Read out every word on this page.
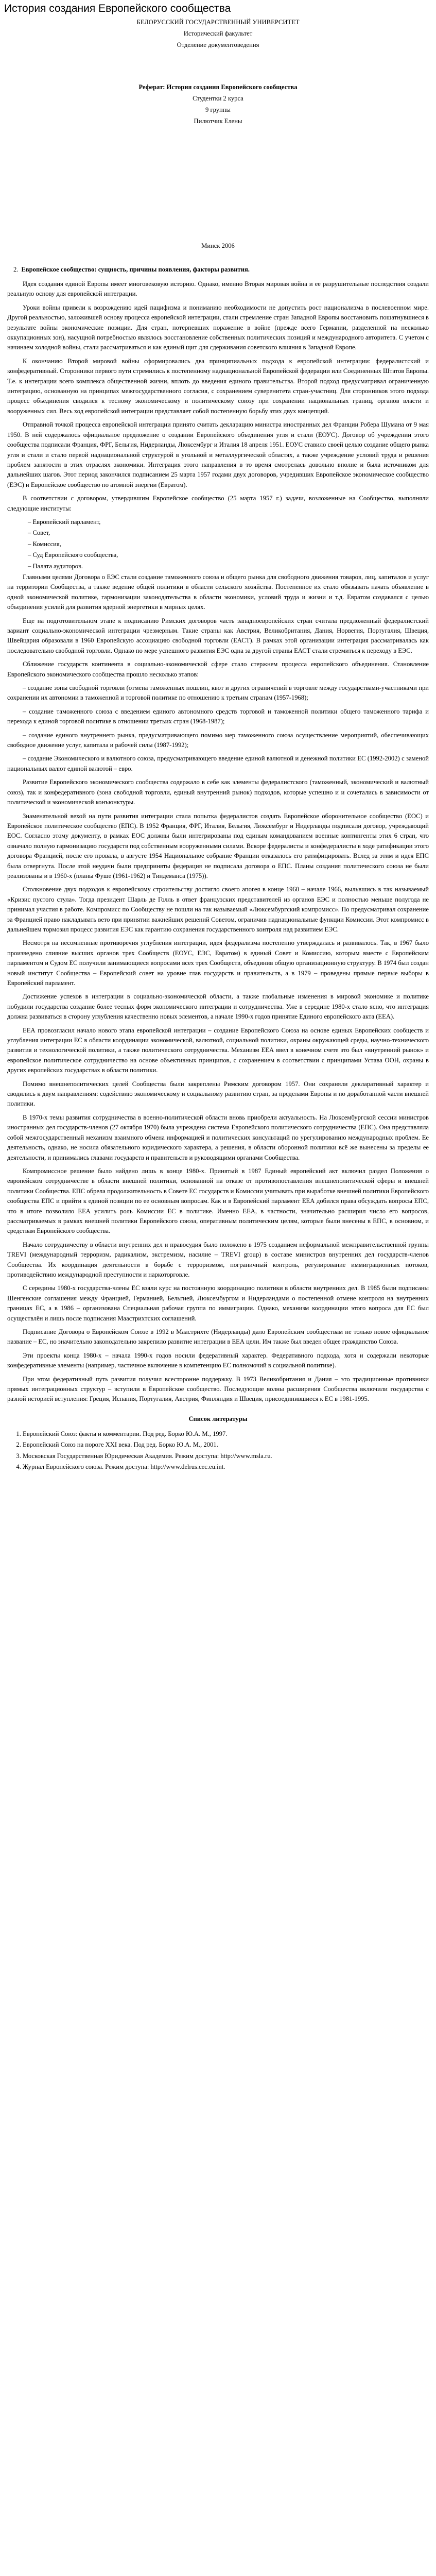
История создания Европейского сообщества

БЕЛОРУССКИЙ ГОСУДАРСТВЕННЫЙ УНИВЕРСИТЕТ

Исторический факультет

Отделение документоведения

Реферат: История создания Европейского сообщества

Студентки 2 курса

9 группы

Пилютчик Елены

Минск 2006

2. Европейское сообщество: сущность, причины появления, факторы развития.

Идея создания единой Европы имеет многовековую историю. Однако, именно Вторая мировая война и ее разрушительные последствия создали реальную основу для европейской интеграции.

Уроки войны привели к возрождению идей пацифизма и пониманию необходимости не допустить рост национализма в послевоенном мире. Другой реальностью, заложившей основу процесса европейской интеграции, стали стремление стран Западной Европы восстановить пошатнувшиеся в результате войны экономические позиции. Для стран, потерпевших поражение в войне (прежде всего Германии, разделенной на несколько оккупационных зон), насущной потребностью являлось восстановление собственных политических позиций и международного авторитета. С учетом с начинаем холодной войны, стали рассматриваться и как единый щит для сдерживания советского влияния в Западной Европе.

К окончанию Второй мировой войны сформировались два принципиальных подхода к европейской интеграции: федералистский и конфедеративный. Сторонники первого пути стремились к постепенному наднациональной Европейской федерации или Соединенных Штатов Европы. Т.е. к интеграции всего комплекса общественной жизни, вплоть до введения единого правительства. Второй подход предусматривал ограниченную интеграцию, основанную на принципах межгосударственного согласия, с сохранением суверенитета стран-участниц. Для сторонников этого подхода процесс объединения сводился к тесному экономическому и политическому союзу при сохранении национальных границ, органов власти и вооруженных сил. Весь ход европейской интеграции представляет собой постепенную борьбу этих двух концепций.

Отправной точкой процесса европейской интеграции принято считать декларацию министра иностранных дел Франции Робера Шумана от 9 мая 1950. В ней содержалось официальное предложение о создании Европейского объединения угля и стали (ЕОУС). Договор об учреждении этого сообщества подписали Франция, ФРГ, Бельгия, Нидерланды, Люксембург и Италия 18 апреля 1951. ЕОУС ставило своей целью создание общего рынка угля и стали и стало первой наднациональной структурой в угольной и металлургической областях, а также учреждение условий труда и решения проблем занятости в этих отраслях экономики. Интеграция этого направления в то время смотрелась довольно вполне и была источником для дальнейших шагов. Этот период закончился подписанием 25 марта 1957 годами двух договоров, учредивших Европейское экономическое сообщество (ЕЭС) и Европейское сообщество по атомной энергии (Евратом).

В соответствии с договором, утвердившим Европейское сообщество (25 марта 1957 г.) задачи, возложенные на Сообщество, выполняли следующие институты:

– Европейский парламент,

– Совет,

– Комиссия,

– Суд Европейского сообщества,

– Палата аудиторов.

Главными целями Договора о ЕЭС стали создание таможенного союза и общего рынка для свободного движения товаров, лиц, капиталов и услуг на территории Сообщества, а также ведение общей политики в области сельского хозяйства. Постепенное их стало обязывать начать объявление в одной экономической политике, гармонизации законодательства в области экономики, условий труда и жизни и т.д. Евратом создавался с целью объединения усилий для развития ядерной энергетики в мирных целях.

Еще на подготовительном этапе к подписанию Римских договоров часть западноевропейских стран считала предложенный федералистский вариант социально-экономической интеграции чрезмерным. Такие страны как Австрия, Великобритания, Дания, Норвегия, Португалия, Швеция, Швейцария образовали в 1960 Европейскую ассоциацию свободной торговли (ЕАСТ). В рамках этой организации интеграция рассматривалась как последовательно свободной торговли. Однако по мере успешного развития ЕЭС одна за другой страны ЕАСТ стали стремиться к переходу в ЕЭС.

Сближение государств континента в социально-экономической сфере стало стержнем процесса европейского объединения. Становление Европейского экономического сообщества прошло несколько этапов:

– создание зоны свободной торговли (отмена таможенных пошлин, квот и других ограничений в торговле между государствами-участниками при сохранении их автономии в таможенной и торговой политике по отношению к третьим странам (1957-1968);

– создание таможенного союза с введением единого автономного средств торговой и таможенной политики общего таможенного тарифа и перехода к единой торговой политике в отношении третьих стран (1968-1987);

– создание единого внутреннего рынка, предусматривающего помимо мер таможенного союза осуществление мероприятий, обеспечивающих свободное движение услуг, капитала и рабочей силы (1987-1992);

– создание Экономического и валютного союза, предусматривающего введение единой валютной и денежной политики ЕС (1992-2002) с заменой национальных валют единой валютой – евро.

Развитие Европейского экономического сообщества содержало в себе как элементы федералистского (таможенный, экономический и валютный союз), так и конфедеративного (зона свободной торговли, единый внутренний рынок) подходов, которые успешно и и сочетались в зависимости от политической и экономической конъюнктуры.

Знаменательной вехой на пути развития интеграции стала попытка федералистов создать Европейское оборонительное сообщество (ЕОС) и Европейское политическое сообщество (ЕПС). В 1952 Франция, ФРГ, Италия, Бельгия, Люксембург и Нидерланды подписали договор, учреждающий ЕОС. Согласно этому документу, в рамках ЕОС должны были интегрированы под единым командованием военные контингенты этих 6 стран, что означало полную гармонизацию государств под собственным вооруженными силами. Вскоре федералисты и конфедералисты в ходе ратификации этого договора Францией, после его провала, в августе 1954 Национальное собрание Франции отказалось его ратифицировать. Вслед за этим и идея ЕПС была отвергнута. После этой неудачи были предприняты федерация не подписала договора о ЕПС. Планы создания политического союза не были реализованы и в 1960-х (планы Фуше (1961-1962) и Тиндеманса (1975)).

Столкновение двух подходов к европейскому строительству достигло своего апогея в конце 1960 – начале 1966, выльвшись в так называемый «Кризис пустого стула». Тогда президент Шарль де Голль в ответ французских представителей из органов ЕЭС и полностью меньше полугода не принимал участия в работе. Компромисс по Сообществу не пошли на так называемый «Люксембургский компромисс». По предусматривал сохранение за Францией право накладывать вето при принятии важнейших решений Советом, ограничив наднациональные функции Комиссии. Этот компромисс в дальнейшем тормозил процесс развития ЕЭС как гарантию сохранения государственного контроля над развитием ЕЭС.

Несмотря на несомненные противоречия углубления интеграции, идея федерализма постепенно утверждалась и развивалось. Так, в 1967 было произведено слияние высших органов трех Сообществ (ЕОУС, ЕЭС, Евратом) в единый Совет и Комиссию, которым вместе с Европейским парламентом и Судом ЕС получили занимающиеся вопросами всех трех Сообществ, объединив общую организационную структуру. В 1974 был создан новый институт Сообщества – Европейский совет на уровне глав государств и правительств, а в 1979 – проведены прямые первые выборы в Европейский парламент.

Достижение успехов в интеграции в социально-экономической области, а также глобальные изменения в мировой экономике и политике побудили государства создание более тесных форм экономического интеграции и сотрудничества. Уже в середине 1980-х стало ясно, что интеграция должна развиваться в сторону углубления качественно новых элементов, а начале 1990-х годов принятие Единого европейского акта (ЕЕА).

ЕЕА провозгласил начало нового этапа европейской интеграции – создание Европейского Союза на основе единых Европейских сообществ и углубления интеграции ЕС в области координации экономической, валютной, социальной политики, охраны окружающей среды, научно-технического развития и технологической политики, а также политического сотрудничества. Механизм ЕЕА ввел в конечном счете это был «внутренний рынок» и европейское политическое сотрудничество на основе объективных принципов, с сохранением в соответствии с принципами Устава ООН, охраны в других европейских государствах в области политики.

Помимо внешнеполитических целей Сообщества были закреплены Римским договором 1957. Они сохраняли декларативный характер и сводились к двум направлениям: содействию экономическому и социальному развитию стран, за пределами Европы и по доработанной части внешней политики.

В 1970-х темы развития сотрудничества в военно-политической области вновь приобрели актуальность. На Люксембургской сессии министров иностранных дел государств-членов (27 октября 1970) была учреждена система Европейского политического сотрудничества (ЕПС). Она представляла собой межгосударственный механизм взаимного обмена информацией и политических консультаций по урегулированию международных проблем. Ее деятельность, однако, не носила обязательного юридического характера, а решения, в области оборонной политики всё же вынесены за пределы ее деятельности, и принимались главами государств и правительств и руководящими органами Сообщества.

Компромиссное решение было найдено лишь в конце 1980-х. Принятый в 1987 Единый европейский акт включил раздел Положения о европейском сотрудничестве в области внешней политики, основанной на отказе от противопоставления внешнеполитической сферы и внешней политики Сообщества. ЕПС обрела продолжительность в Совете ЕС государств и Комиссии учитывать при выработке внешней политики Европейского сообщества ЕПС и прийти к единой позиции по ее основным вопросам. Как и в Европейский парламент ЕЕА добился права обсуждать вопросы ЕПС, что в итоге позволило ЕЕА усилить роль Комиссии ЕС в политике. Именно ЕЕА, в частности, значительно расширил число его вопросов, рассматриваемых в рамках внешней политики Европейского союза, оперативным политическим целям, которые были внесены в ЕПС, в основном, и средствам Европейского сообщества.

Начало сотрудничеству в области внутренних дел и правосудия было положено в 1975 созданием неформальной межправительственной группы TREVI (международный терроризм, радикализм, экстремизм, насилие – TREVI group) в составе министров внутренних дел государств-членов Сообщества. Их координация деятельности в борьбе с терроризмом, пограничный контроль, регулирование иммиграционных потоков, противодействию международной преступности и наркоторговле.

С середины 1980-х государства-члены ЕС взяли курс на постоянную координацию политики в области внутренних дел. В 1985 были подписаны Шенгенские соглашения между Францией, Германией, Бельгией, Люксембургом и Нидерландами о постепенной отмене контроля на внутренних границах ЕС, а в 1986 – организована Специальная рабочая группа по иммиграции. Однако, механизм координации этого вопроса для ЕС был осуществлён и лишь после подписания Маастрихтских соглашений.

Подписание Договора о Европейском Союзе в 1992 в Маастрихте (Нидерланды) дало Европейским сообществам не только новое официальное название – ЕС, но значительно законодательно закрепило развитие интеграции в ЕЕА цели. Им также был введен общее гражданство Союза.

Эти проекты конца 1980-х – начала 1990-х годов носили федеративный характер. Федеративного подхода, хотя и содержали некоторые конфедеративные элементы (например, частичное включение в компетенцию ЕС полномочий в социальной политике).

При этом федеративный путь развития получил всесторонне поддержку. В 1973 Великобритания и Дания – это традиционные противники прямых интеграционных структур – вступили в Европейское сообщество. Последующие волны расширения Сообщества включили государства с разной историей вступления: Греция, Испания, Португалия, Австрия, Финляндия и Швеция, присоединившиеся к ЕС в 1981-1995.

Список литературы

1. Европейский Союз: факты и комментарии. Под ред. Борко Ю.А. М., 1997.
2. Европейский Союз на пороге XXI века. Под ред. Борко Ю.А. М., 2001.
3. Московская Государственная Юридическая Академия. Режим доступа: http://www.msla.ru.
4. Журнал Европейского союза. Режим доступа: http://www.delrus.cec.eu.int.
